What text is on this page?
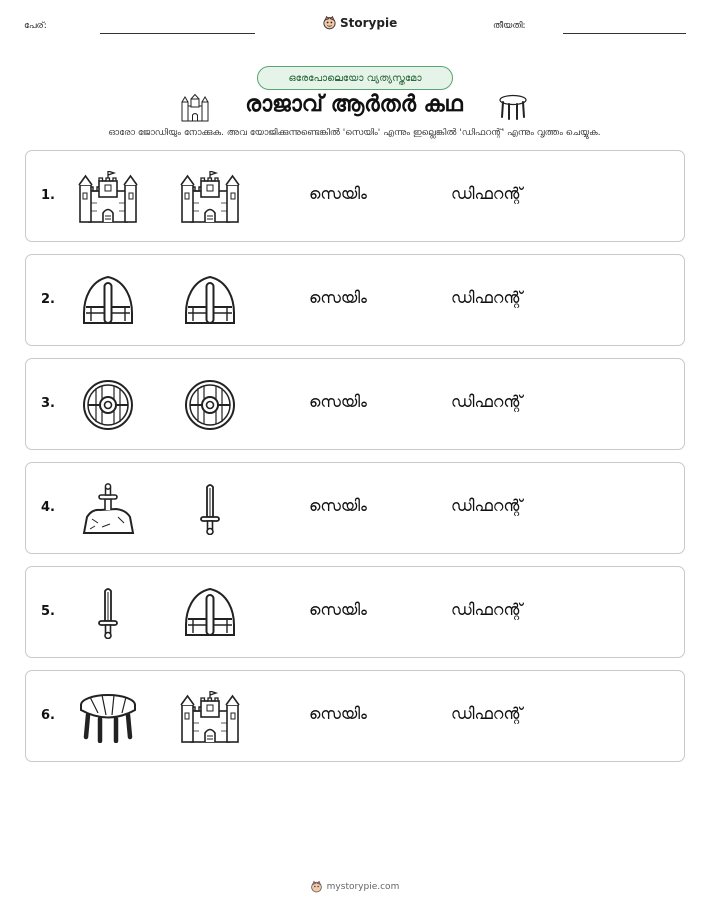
പേര്:	Storypie	തീയതി:
ഒരേപോലെയോ വ്യത്യസ്തമോ
രാജാവ് ആർതർ കഥ
ഓരോ ജോഡിയും നോക്കുക. അവ യോജിക്കുന്നുണ്ടെങ്കിൽ 'സെയിം' എന്നും ഇല്ലെങ്കിൽ 'ഡിഫറന്റ്' എന്നും വൃത്തം ചെയ്യുക.
1.	സെയിം	ഡിഫറന്റ്
2.	സെയിം	ഡിഫറന്റ്
3.	സെയിം	ഡിഫറന്റ്
4.	സെയിം	ഡിഫറന്റ്
5.	സെയിം	ഡിഫറന്റ്
6.	സെയിം	ഡിഫറന്റ്
mystorypie.com
